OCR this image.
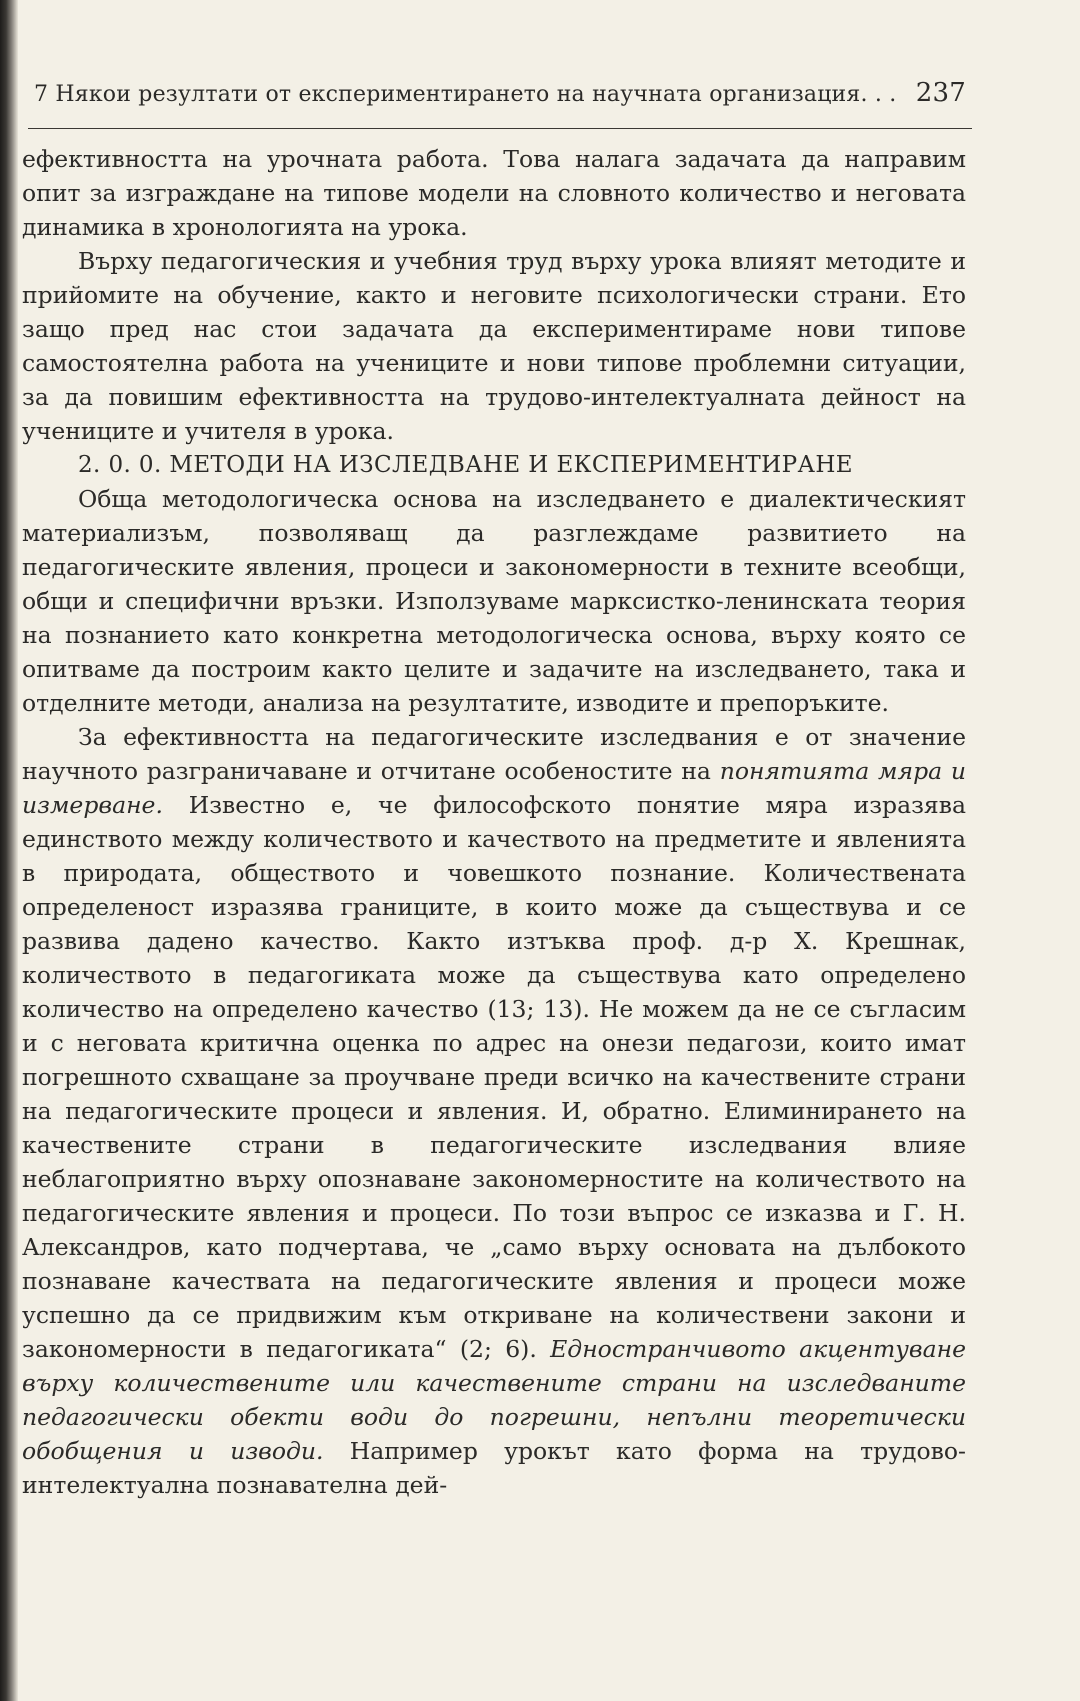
7 Някои резултати от експериментирането на научната организация. . . 237

ефективността на урочната работа. Това налага задачата да направим опит за изграждане на типове модели на словното количество и неговата динамика в хронологията на урока.

Върху педагогическия и учебния труд върху урока влияят методите и прийомите на обучение, както и неговите психологически страни. Ето защо пред нас стои задачата да експериментираме нови типове самостоятелна работа на учениците и нови типове проблемни ситуации, за да повишим ефективността на трудово-интелектуалната дейност на учениците и учителя в урока.

2. 0. 0. МЕТОДИ НА ИЗСЛЕДВАНЕ И ЕКСПЕРИМЕНТИРАНЕ

Обща методологическа основа на изследването е диалектическият материализъм, позволяващ да разглеждаме развитието на педагогическите явления, процеси и закономерности в техните всеобщи, общи и специфични връзки. Използуваме марксистко-ленинската теория на познанието като конкретна методологическа основа, върху която се опитваме да построим както целите и задачите на изследването, така и отделните методи, анализа на резултатите, изводите и препоръките.

За ефективността на педагогическите изследвания е от значение научното разграничаване и отчитане особеностите на понятията мяра и измерване. Известно е, че философското понятие мяра изразява единството между количеството и качеството на предметите и явленията в природата, обществото и човешкото познание. Количествената определеност изразява границите, в които може да съществува и се развива дадено качество. Както изтъква проф. д-р Х. Крешнак, количеството в педагогиката може да съществува като определено количество на определено качество (13; 13). Не можем да не се съгласим и с неговата критична оценка по адрес на онези педагози, които имат погрешното схващане за проучване преди всичко на качествените страни на педагогическите процеси и явления. И, обратно. Елиминирането на качествените страни в педагогическите изследвания влияе неблагоприятно върху опознаване закономерностите на количеството на педагогическите явления и процеси. По този въпрос се изказва и Г. Н. Александров, като подчертава, че „само върху основата на дълбокото познаване качествата на педагогическите явления и процеси може успешно да се придвижим към откриване на количествени закони и закономерности в педагогиката“ (2; 6). Едностранчивото акцентуване върху количествените или качествените страни на изследваните педагогически обекти води до погрешни, непълни теоретически обобщения и изводи. Например урокът като форма на трудово-интелектуална познавателна дей-
